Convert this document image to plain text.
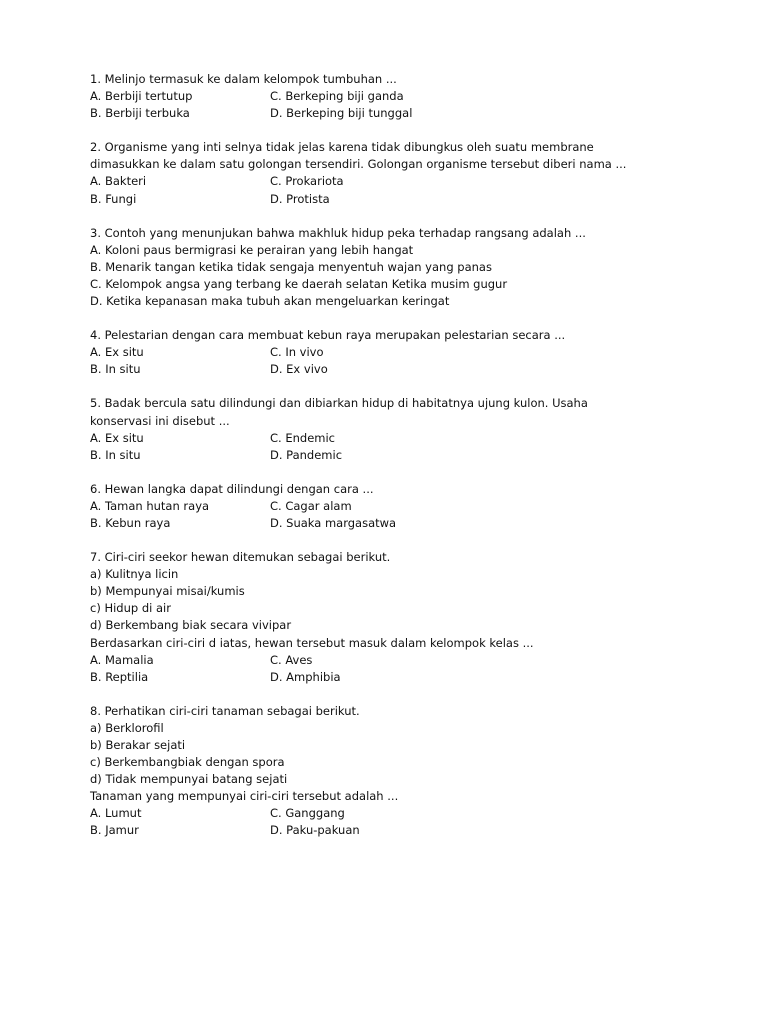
1. Melinjo termasuk ke dalam kelompok tumbuhan ...
A. Berbiji tertutup	C. Berkeping biji ganda
B. Berbiji terbuka	D. Berkeping biji tunggal
2. Organisme yang inti selnya tidak jelas karena tidak dibungkus oleh suatu membrane
dimasukkan ke dalam satu golongan tersendiri. Golongan organisme tersebut diberi nama ...
A. Bakteri	C. Prokariota
B. Fungi	D. Protista
3. Contoh yang menunjukan bahwa makhluk hidup peka terhadap rangsang adalah ...
A. Koloni paus bermigrasi ke perairan yang lebih hangat
B. Menarik tangan ketika tidak sengaja menyentuh wajan yang panas
C. Kelompok angsa yang terbang ke daerah selatan Ketika musim gugur
D. Ketika kepanasan maka tubuh akan mengeluarkan keringat
4. Pelestarian dengan cara membuat kebun raya merupakan pelestarian secara ...
A. Ex situ	C. In vivo
B. In situ	D. Ex vivo
5. Badak bercula satu dilindungi dan dibiarkan hidup di habitatnya ujung kulon. Usaha
konservasi ini disebut ...
A. Ex situ	C. Endemic
B. In situ	D. Pandemic
6. Hewan langka dapat dilindungi dengan cara ...
A. Taman hutan raya	C. Cagar alam
B. Kebun raya	D. Suaka margasatwa
7. Ciri-ciri seekor hewan ditemukan sebagai berikut.
a) Kulitnya licin
b) Mempunyai misai/kumis
c) Hidup di air
d) Berkembang biak secara vivipar
Berdasarkan ciri-ciri d iatas, hewan tersebut masuk dalam kelompok kelas ...
A. Mamalia	C. Aves
B. Reptilia	D. Amphibia
8. Perhatikan ciri-ciri tanaman sebagai berikut.
a) Berklorofil
b) Berakar sejati
c) Berkembangbiak dengan spora
d) Tidak mempunyai batang sejati
Tanaman yang mempunyai ciri-ciri tersebut adalah ...
A. Lumut	C. Ganggang
B. Jamur	D. Paku-pakuan
